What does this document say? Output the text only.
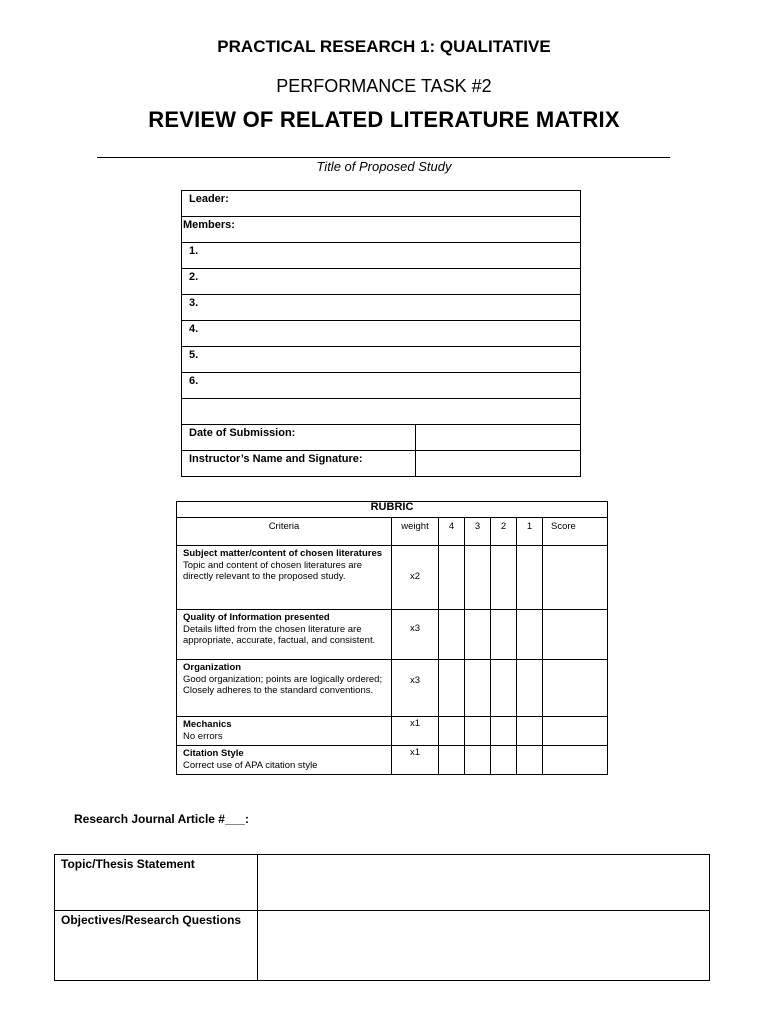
PRACTICAL RESEARCH 1: QUALITATIVE
PERFORMANCE TASK #2
REVIEW OF RELATED LITERATURE MATRIX
Title of Proposed Study
Leader:	

Members:	

1.	

2.	

3.	

4.	

5.	

6.	

Date of Submission:	

Instructor’s Name and Signature:	

RUBRIC						
Criteria	weight	4	3	2	1	Score

Subject matter/content of chosen literatures
Topic and content of chosen literatures are directly relevant to the proposed study.	x2					

Quality of Information presented
Details lifted from the chosen literature are appropriate, accurate, factual, and consistent.	x3					

Organization
Good organization; points are logically ordered; Closely adheres to the standard conventions.	x3					

Mechanics
No errors	x1					

Citation Style
Correct use of APA citation style	x1					
Research Journal Article #___:
Topic/Thesis Statement	
Objectives/Research Questions	
